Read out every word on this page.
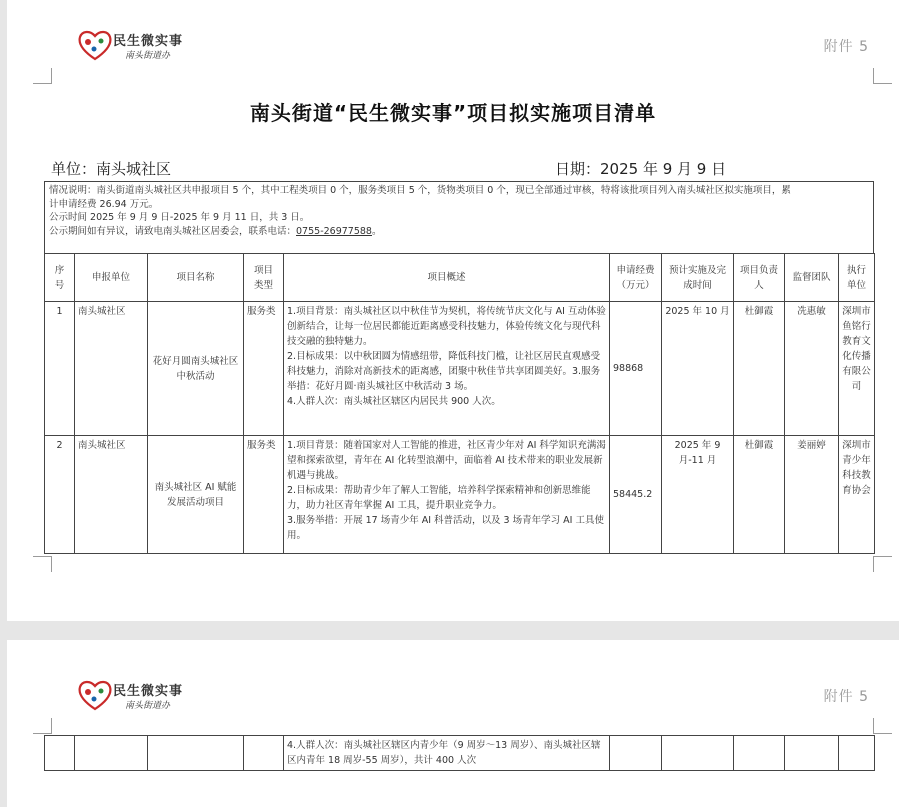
民生微实事
南头街道办
附件 5
南头街道“民生微实事”项目拟实施项目清单
单位：南头城社区	日期：2025 年 9 月 9 日
情况说明：南头街道南头城社区共申报项目 5 个，其中工程类项目 0 个，服务类项目 5 个，货物类项目 0 个，现已全部通过审核，特将该批项目列入南头城社区拟实施项目，累
计申请经费 26.94 万元。
公示时间 2025 年 9 月 9 日-2025 年 9 月 11 日，共 3 日。
公示期间如有异议，请致电南头城社区居委会，联系电话：0755-26977588。
序号	申报单位	项目名称	项目类型	项目概述	申请经费（万元）	预计实施及完成时间	项目负责人	监督团队	执行单位
1	南头城社区	花好月圆南头城社区中秋活动	服务类	1.项目背景：南头城社区以中秋佳节为契机，将传统节庆文化与 AI 互动体验创新结合，让每一位居民都能近距离感受科技魅力，体验传统文化与现代科技交融的独特魅力。
2.目标成果：以中秋团圆为情感纽带，降低科技门槛，让社区居民直观感受科技魅力，消除对高新技术的距离感，团聚中秋佳节共享团圆美好。3.服务举措：花好月圆·南头城社区中秋活动 3 场。
4.人群人次：南头城社区辖区内居民共 900 人次。	98868	2025 年 10 月	杜御霞	冼惠敏	深圳市鱼铭行教育文化传播有限公司
2	南头城社区	南头城社区 AI 赋能发展活动项目	服务类	1.项目背景：随着国家对人工智能的推进，社区青少年对 AI 科学知识充满渴望和探索欲望，青年在 AI 化转型浪潮中，面临着 AI 技术带来的职业发展新机遇与挑战。
2.目标成果：帮助青少年了解人工智能，培养科学探索精神和创新思维能力，助力社区青年掌握 AI 工具，提升职业竞争力。
3.服务举措：开展 17 场青少年 AI 科普活动，以及 3 场青年学习 AI 工具使用。	58445.2	2025 年 9 月-11 月	杜御霞	姜丽婷	深圳市青少年科技教育协会
民生微实事
南头街道办
附件 5
				4.人群人次：南头城社区辖区内青少年（9 周岁～13 周岁）、南头城社区辖区内青年 18 周岁-55 周岁），共计 400 人次					
